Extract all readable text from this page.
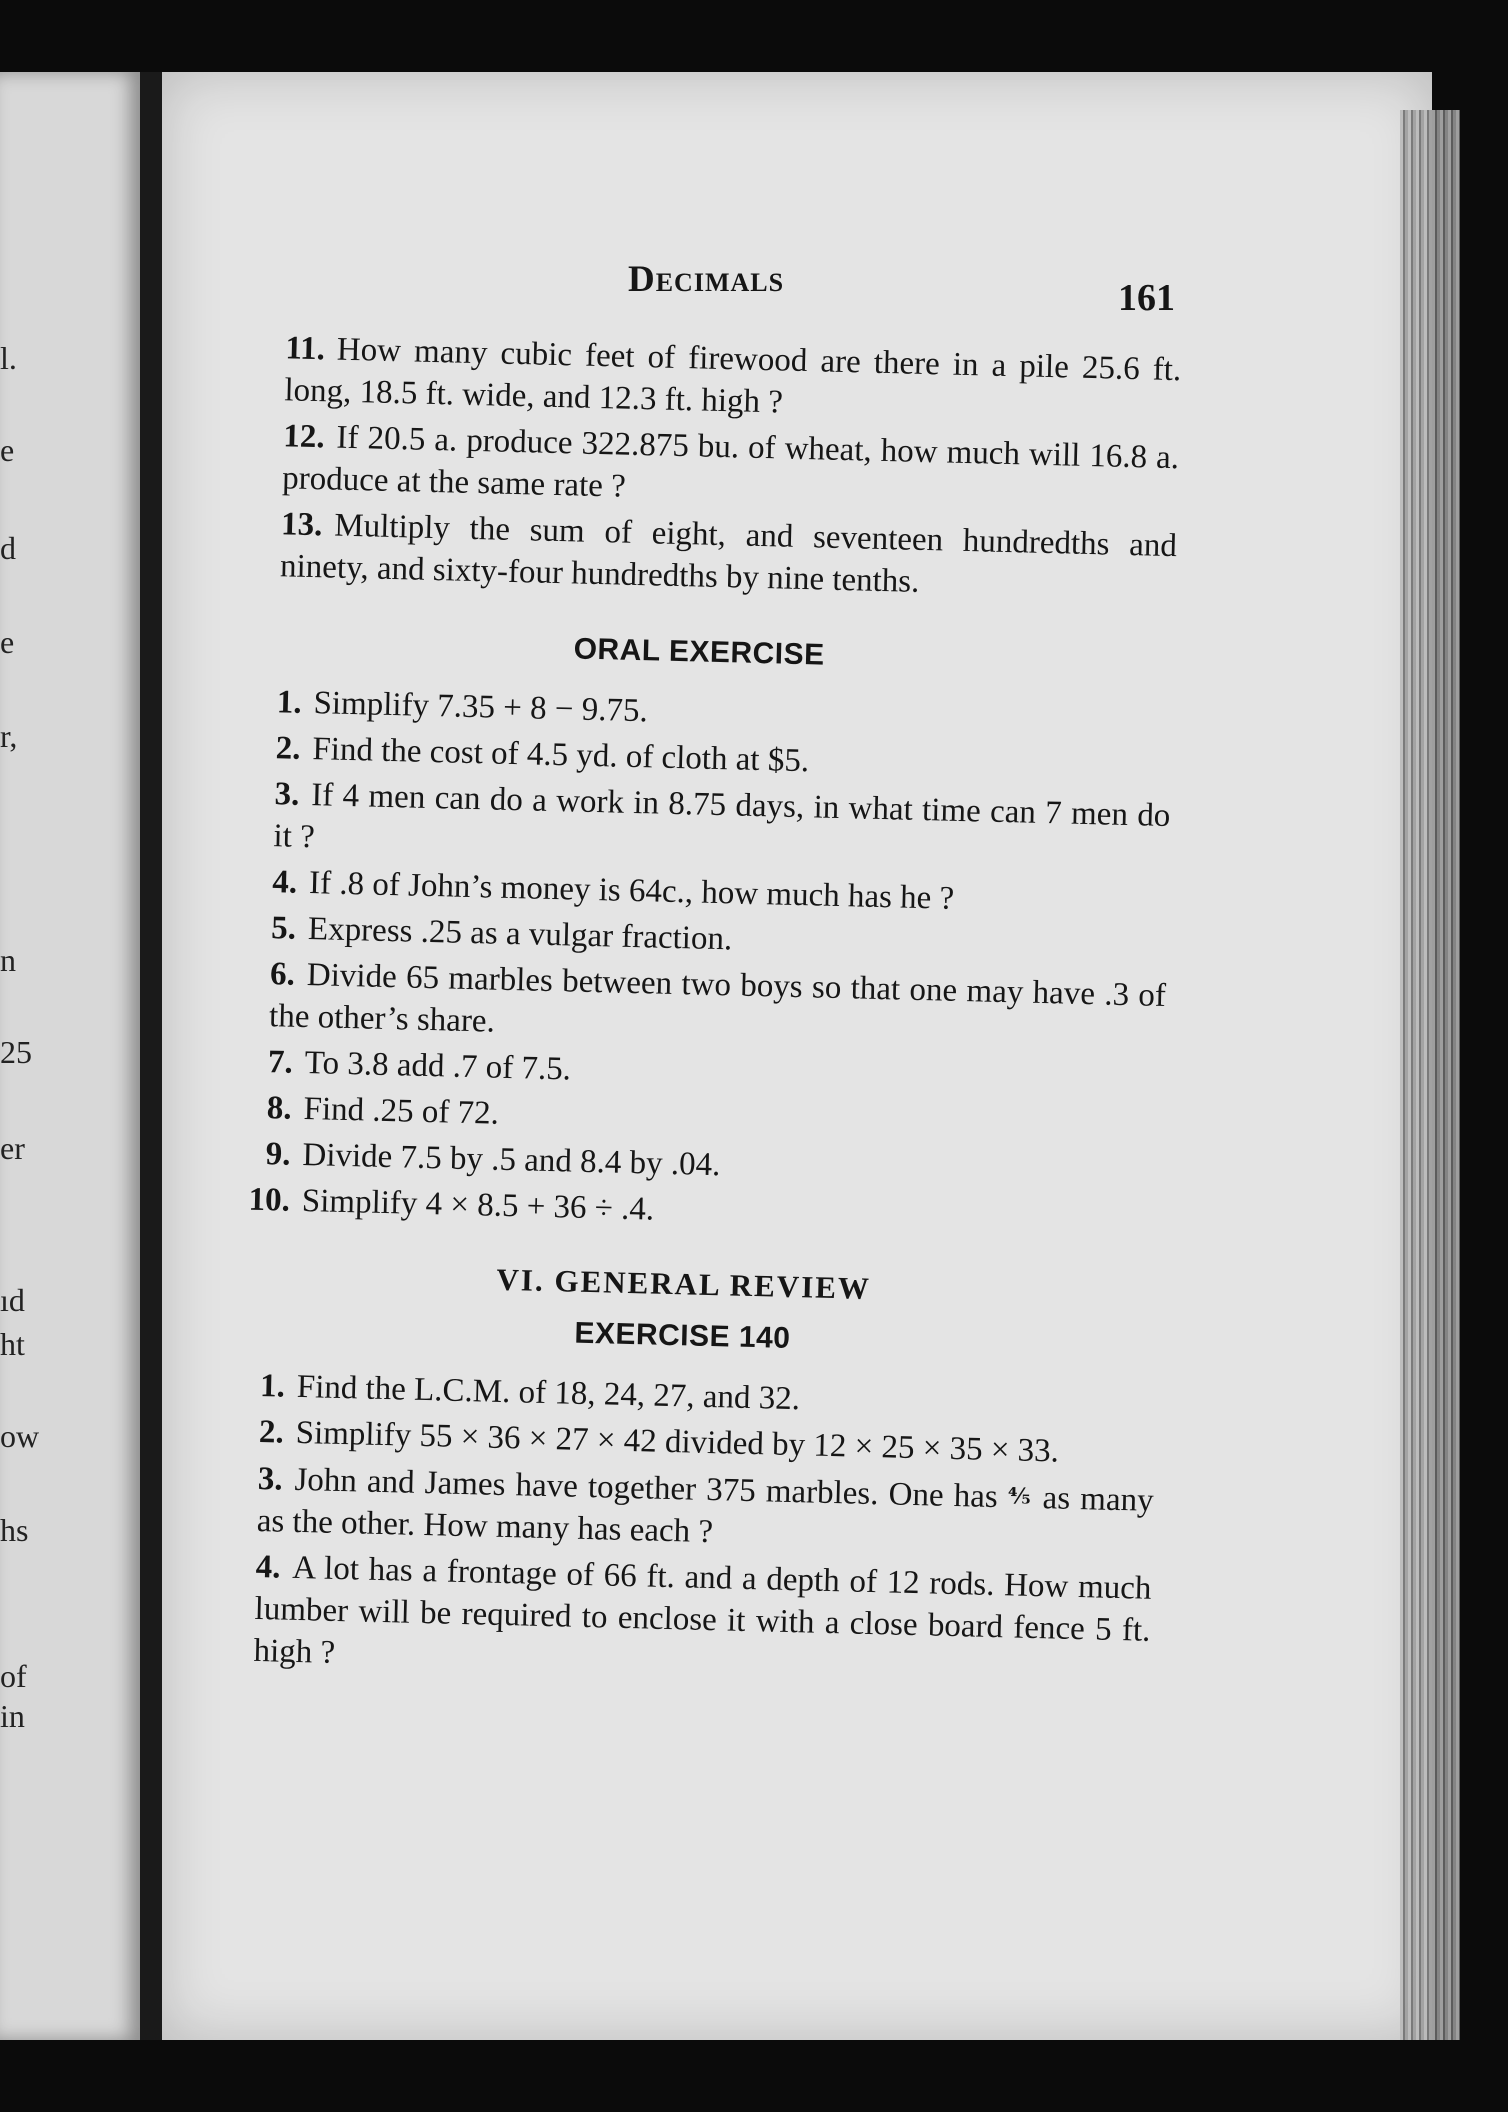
l.
e
d
e
r,
n
25
er
ıd
ht
ow
hs
of
in
Decimals	161
11. How many cubic feet of firewood are there in a pile 25.6 ft. long, 18.5 ft. wide, and 12.3 ft. high ?
12. If 20.5 a. produce 322.875 bu. of wheat, how much will 16.8 a. produce at the same rate ?
13. Multiply the sum of eight, and seventeen hundredths and ninety, and sixty-four hundredths by nine tenths.
ORAL EXERCISE
1. Simplify 7.35 + 8 − 9.75.
2. Find the cost of 4.5 yd. of cloth at $5.
3. If 4 men can do a work in 8.75 days, in what time can 7 men do it ?
4. If .8 of John’s money is 64c., how much has he ?
5. Express .25 as a vulgar fraction.
6. Divide 65 marbles between two boys so that one may have .3 of the other’s share.
7. To 3.8 add .7 of 7.5.
8. Find .25 of 72.
9. Divide 7.5 by .5 and 8.4 by .04.
10. Simplify 4 × 8.5 + 36 ÷ .4.
VI. GENERAL REVIEW
EXERCISE 140
1. Find the L.C.M. of 18, 24, 27, and 32.
2. Simplify 55 × 36 × 27 × 42 divided by 12 × 25 × 35 × 33.
3. John and James have together 375 marbles. One has ⅘ as many as the other. How many has each ?
4. A lot has a frontage of 66 ft. and a depth of 12 rods. How much lumber will be required to enclose it with a close board fence 5 ft. high ?
